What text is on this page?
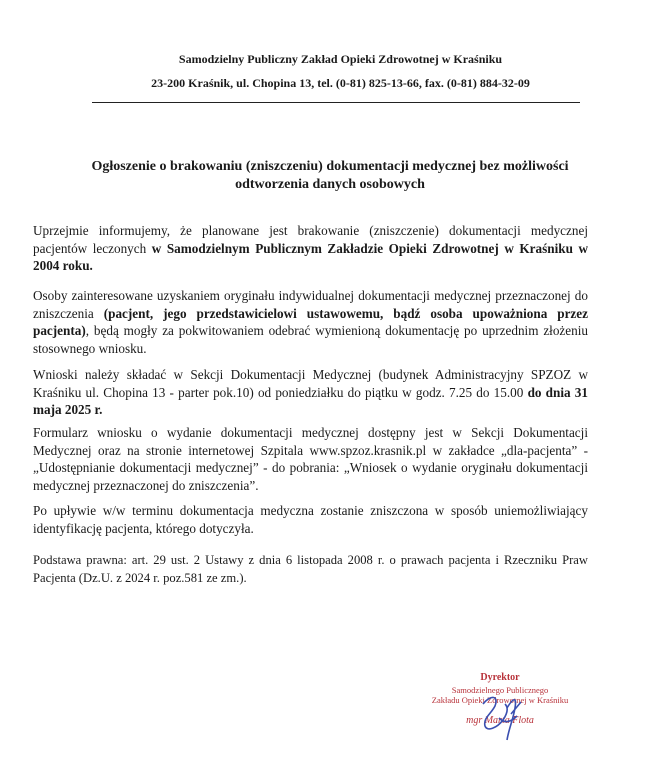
Samodzielny Publiczny Zakład Opieki Zdrowotnej w Kraśniku
23-200 Kraśnik, ul. Chopina 13, tel. (0-81) 825-13-66, fax. (0-81) 884-32-09
Ogłoszenie o brakowaniu (zniszczeniu) dokumentacji medycznej bez możliwości
odtworzenia danych osobowych
Uprzejmie informujemy, że planowane jest brakowanie (zniszczenie) dokumentacji medycznej pacjentów leczonych w Samodzielnym Publicznym Zakładzie Opieki Zdrowotnej w Kraśniku w 2004 roku.
Osoby zainteresowane uzyskaniem oryginału indywidualnej dokumentacji medycznej przeznaczonej do zniszczenia (pacjent, jego przedstawicielowi ustawowemu, bądź osoba upoważniona przez pacjenta), będą mogły za pokwitowaniem odebrać wymienioną dokumentację po uprzednim złożeniu stosownego wniosku.
Wnioski należy składać w Sekcji Dokumentacji Medycznej (budynek Administracyjny SPZOZ w Kraśniku ul. Chopina 13 - parter pok.10) od poniedziałku do piątku w godz. 7.25 do 15.00 do dnia 31 maja 2025 r.
Formularz wniosku o wydanie dokumentacji medycznej dostępny jest w Sekcji Dokumentacji Medycznej oraz na stronie internetowej Szpitala www.spzoz.krasnik.pl w zakładce „dla-pacjenta” - „Udostępnianie dokumentacji medycznej” - do pobrania: „Wniosek o wydanie oryginału dokumentacji medycznej przeznaczonej do zniszczenia”.
Po upływie w/w terminu dokumentacja medyczna zostanie zniszczona w sposób uniemożliwiający identyfikację pacjenta, którego dotyczyła.
Podstawa prawna: art. 29 ust. 2 Ustawy z dnia 6 listopada 2008 r. o prawach pacjenta i Rzeczniku Praw Pacjenta (Dz.U. z 2024 r. poz.581 ze zm.).
Dyrektor
Samodzielnego Publicznego
Zakładu Opieki Zdrowotnej w Kraśniku
mgr Marta Flota
